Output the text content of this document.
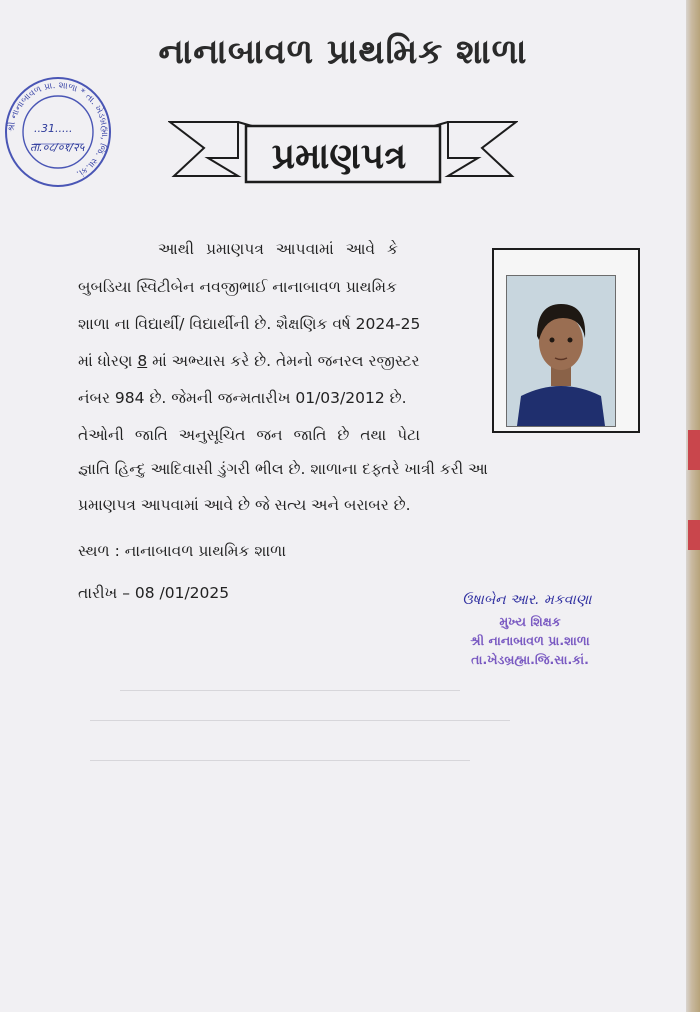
નાનાબાવળ પ્રાથમિક શાળા
શ્રી નાનાબાવળ પ્રા. શાળા * તા. ખેડબ્રહ્મા, જિ. સા.કાં.
..31.....
ता.०८/०१/२५	પ્રમાણપત્ર
આથી પ્રમાણપત્ર આપવામાં આવે કે
બુબડિયા સ્વિટીબેન નવજીભાઈ નાનાબાવળ પ્રાથમિક
શાળા ના વિદ્યાર્થી/ વિદ્યાર્થીની છે. શૈક્ષણિક વર્ષ 2024-25
માં ધોરણ 8 માં અભ્યાસ કરે છે. તેમનો જનરલ રજીસ્ટર
નંબર 984 છે. જેમની જન્મતારીખ 01/03/2012 છે.
તેઓની જાતિ અનુસૂચિત જન જાતિ છે તથા પેટા
જ્ઞાતિ હિન્દુ આદિવાસી ડુંગરી ભીલ છે. શાળાના દફ્તરે ખાત્રી કરી આ
પ્રમાણપત્ર આપવામાં આવે છે જે સત્ય અને બરાબર છે.
સ્થળ : નાનાબાવળ પ્રાથમિક શાળા
તારીખ – 08 /01/2025	ઉષાબેન આર. મકવાણા
મુખ્ય શિક્ષક
શ્રી નાનાબાવળ પ્રા.શાળા
તા.ખેડબ્રહ્મા.જિ.સા.કાં.
